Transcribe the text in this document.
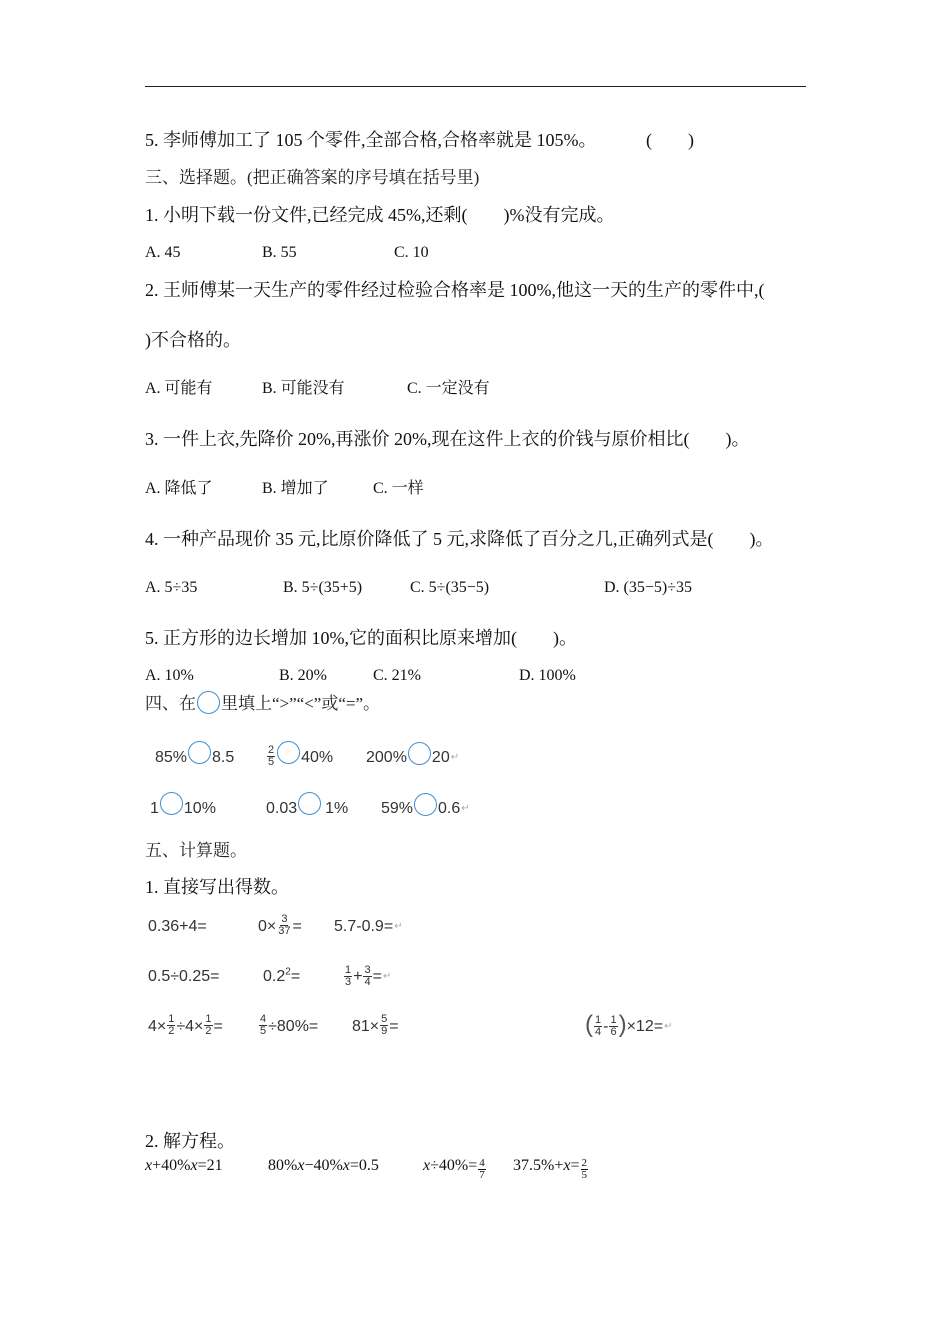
5. 李师傅加工了 105 个零件,全部合格,合格率就是 105%。	(　　)
三、选择题。(把正确答案的序号填在括号里)
1. 小明下载一份文件,已经完成 45%,还剩(　　)%没有完成。
A. 45	B. 55	C. 10
2. 王师傅某一天生产的零件经过检验合格率是 100%,他这一天的生产的零件中,(
)不合格的。
A. 可能有	B. 可能没有	C. 一定没有
3. 一件上衣,先降价 20%,再涨价 20%,现在这件上衣的价钱与原价相比(　　)。
A. 降低了	B. 增加了	C. 一样
4. 一种产品现价 35 元,比原价降低了 5 元,求降低了百分之几,正确列式是(　　)。
A. 5÷35	B. 5÷(35+5)	C. 5÷(35−5)	D. (35−5)÷35
5. 正方形的边长增加 10%,它的面积比原来增加(　　)。
A. 10%	B. 20%	C. 21%	D. 100%
四、在 里填上“>”“<”或“=”。
85% 8.5	$\frac{2}{5} 40\%$ 200% 20↵
1 10%	0.03 1% 59% 0.6↵
五、计算题。
1. 直接写出得数。
0.36+4=	$0\times \frac{3}{37}$ = 5.7-0.9=↵
0.5÷0.25=	$0.2^2=$	$\frac{1}{3} + \frac{3}{4}$ =↵
$4\times \frac{1}{2} \div 4\times \frac{1}{2}$ =	$\frac{4}{5} \div 80\%= 81\times \frac{5}{9}$ =	( $\frac{1}{4} - \frac{1}{6}$ )×12=↵
2. 解方程。
x+40%x=21	80%x−40%x=0.5	$x\div 40\%= \frac{4}{7} 37.5\%+x= \frac{2}{5}$
